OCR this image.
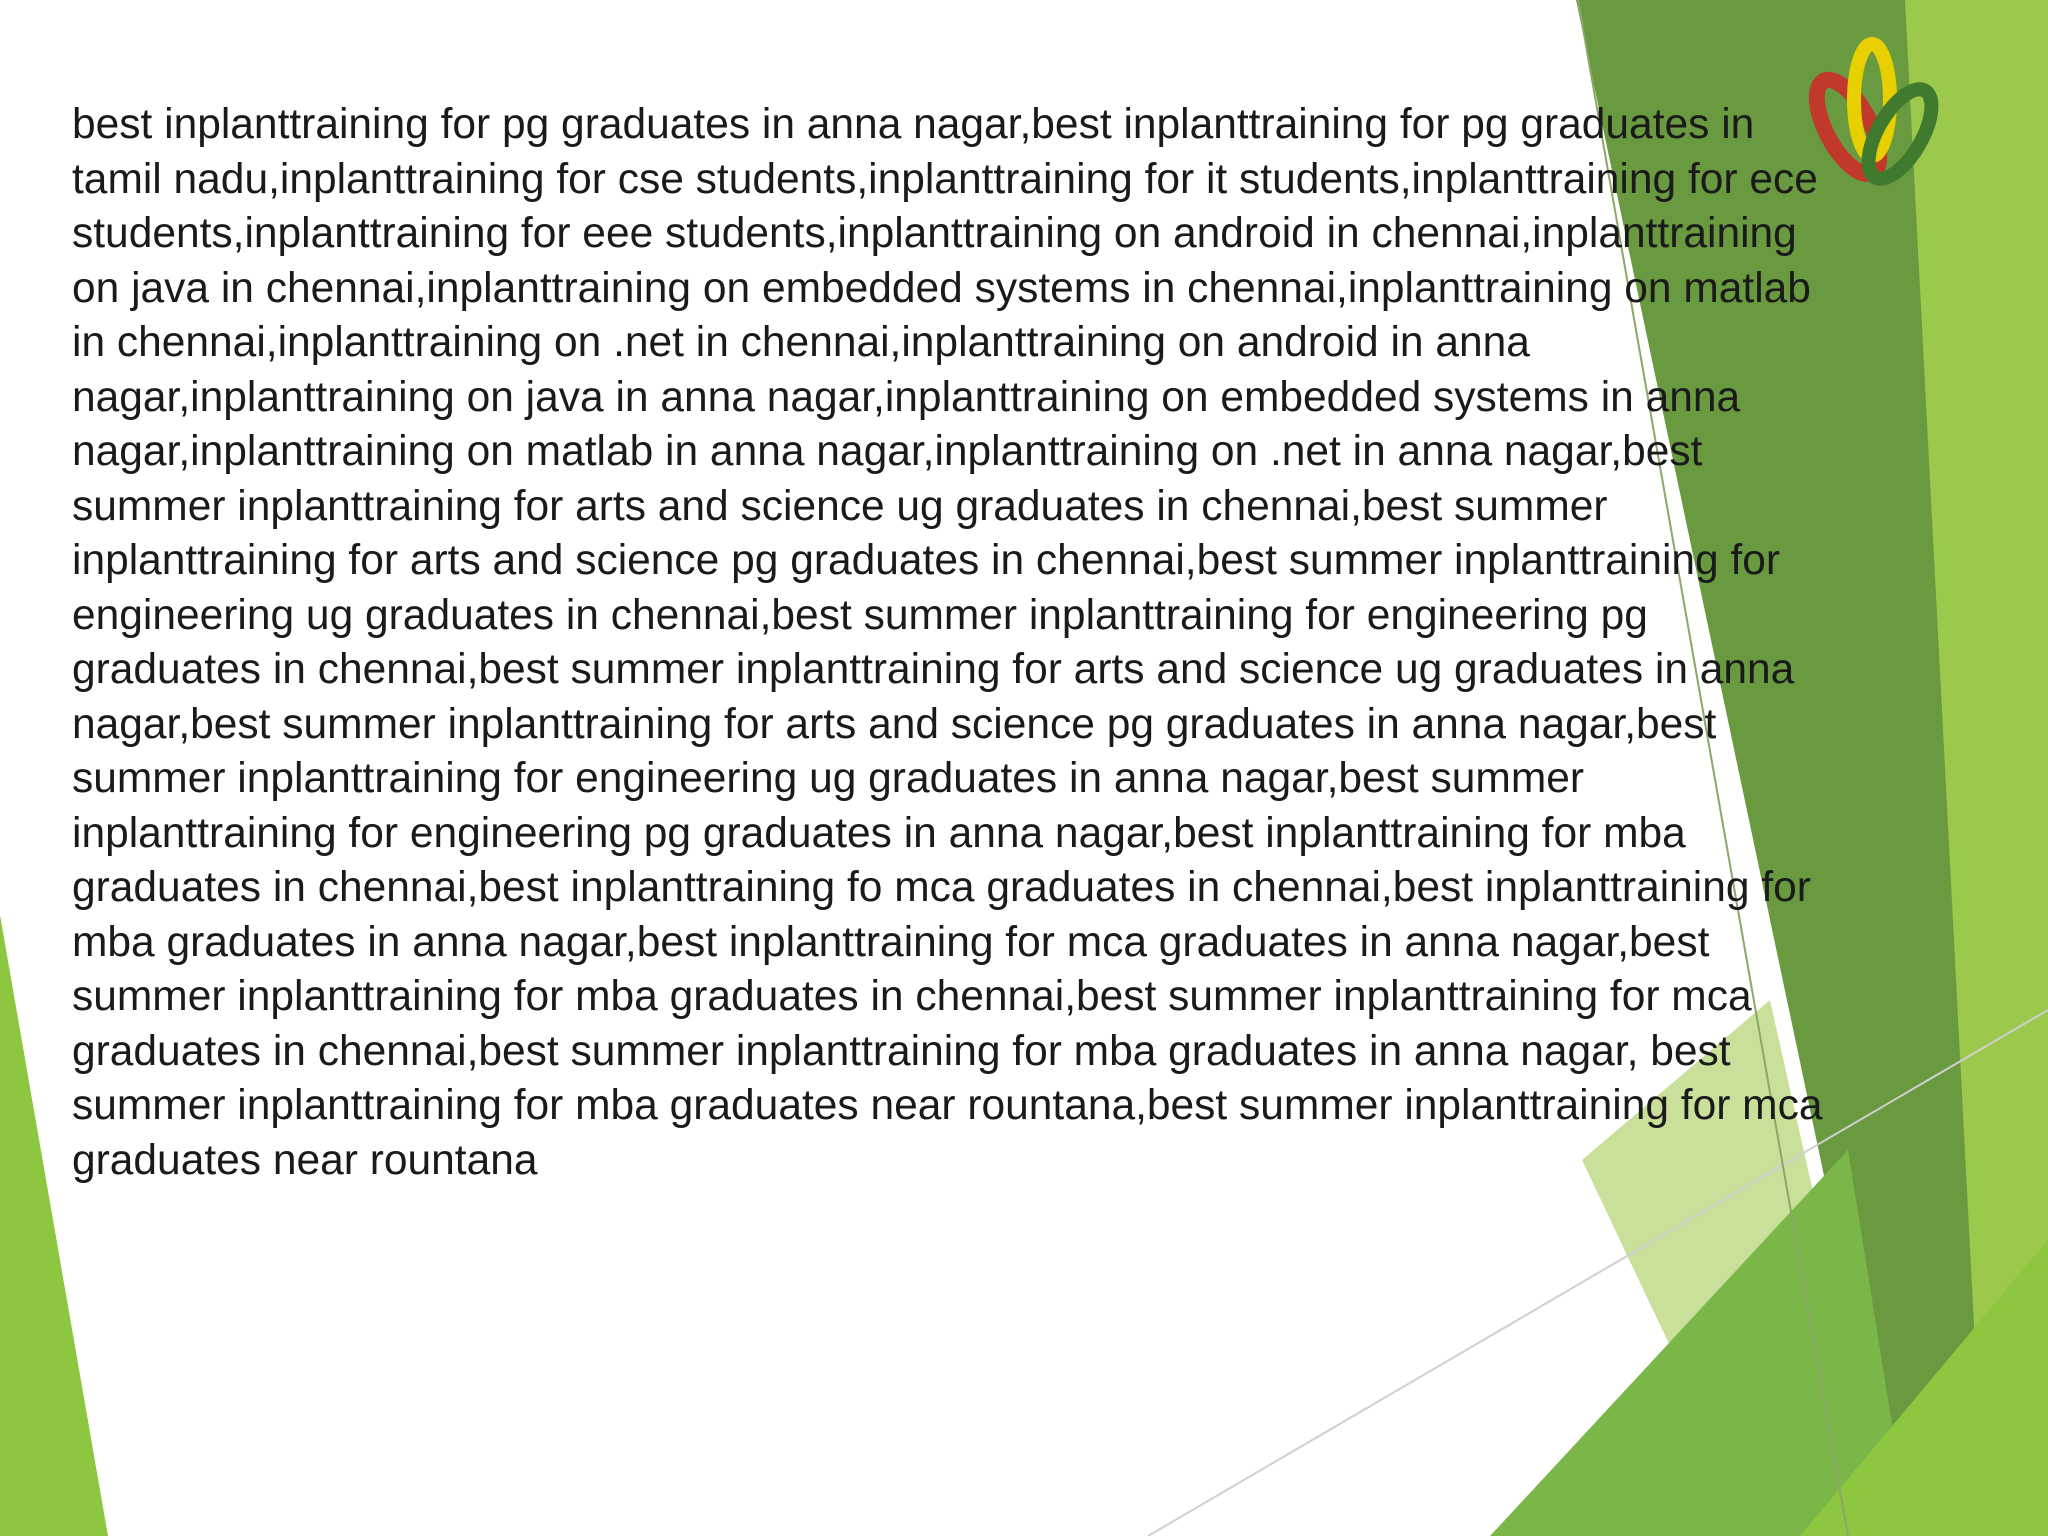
best inplanttraining for pg graduates in anna nagar,best inplanttraining for pg graduates in
tamil nadu,inplanttraining for cse students,inplanttraining for it students,inplanttraining for ece
students,inplanttraining for eee students,inplanttraining on android in chennai,inplanttraining
on java in chennai,inplanttraining on embedded systems in chennai,inplanttraining on matlab
in chennai,inplanttraining on .net in chennai,inplanttraining on android in anna
nagar,inplanttraining on java in anna nagar,inplanttraining on embedded systems in anna
nagar,inplanttraining on matlab in anna nagar,inplanttraining on .net in anna nagar,best
summer inplanttraining for arts and science ug graduates in chennai,best summer
inplanttraining for arts and science pg graduates in chennai,best summer inplanttraining for
engineering ug graduates in chennai,best summer inplanttraining for engineering pg
graduates in chennai,best summer inplanttraining for arts and science ug graduates in anna
nagar,best summer inplanttraining for arts and science pg graduates in anna nagar,best
summer inplanttraining for engineering ug graduates in anna nagar,best summer
inplanttraining for engineering pg graduates in anna nagar,best inplanttraining for mba
graduates in chennai,best inplanttraining fo mca graduates in chennai,best inplanttraining for
mba graduates in anna nagar,best inplanttraining for mca graduates in anna nagar,best
summer inplanttraining for mba graduates in chennai,best summer inplanttraining for mca
graduates in chennai,best summer inplanttraining for mba graduates in anna nagar, best
summer inplanttraining for mba graduates near rountana,best summer inplanttraining for mca
graduates near rountana
